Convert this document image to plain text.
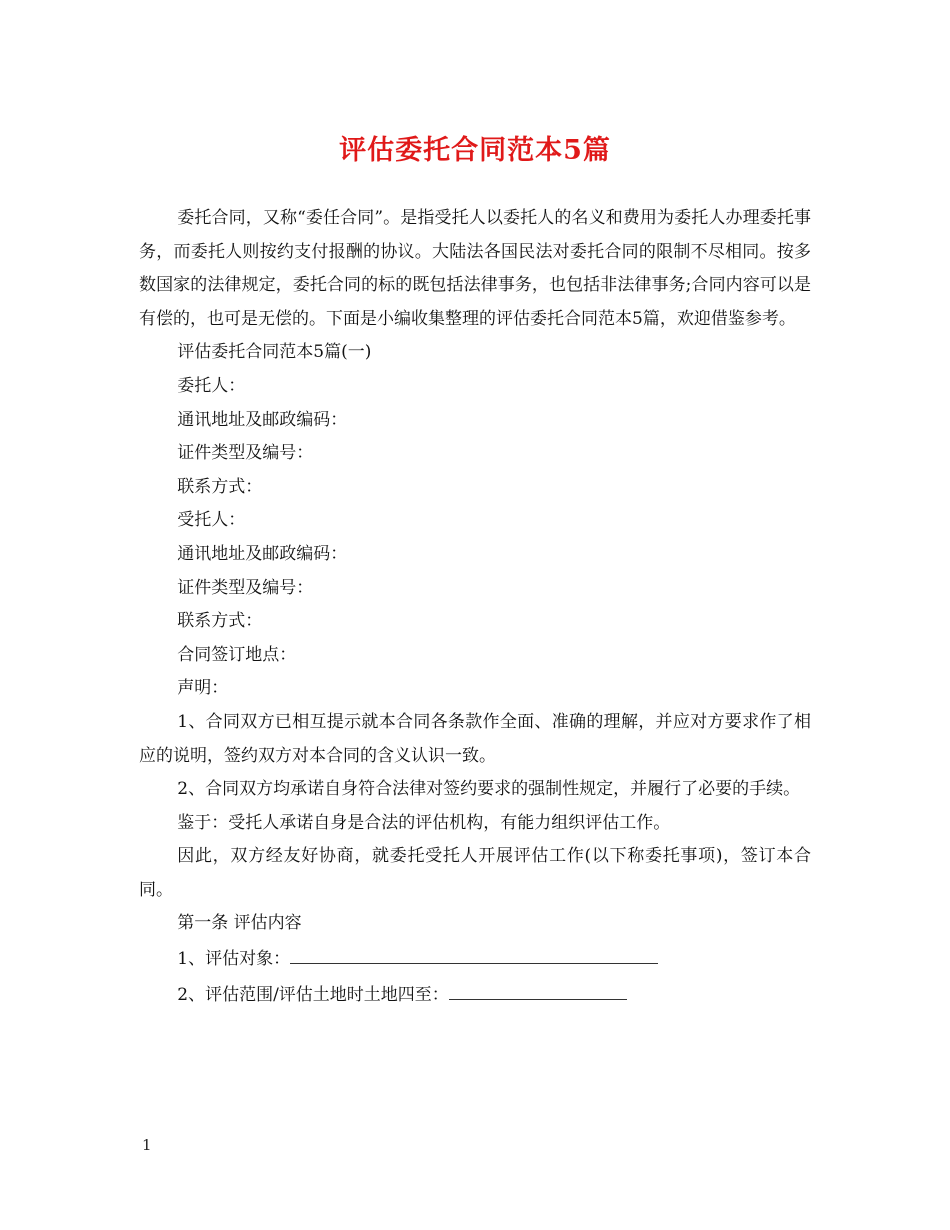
评估委托合同范本5篇

委托合同，又称“委任合同”。是指受托人以委托人的名义和费用为委托人办理委托事务，而委托人则按约支付报酬的协议。大陆法各国民法对委托合同的限制不尽相同。按多数国家的法律规定，委托合同的标的既包括法律事务，也包括非法律事务;合同内容可以是有偿的，也可是无偿的。下面是小编收集整理的评估委托合同范本5篇，欢迎借鉴参考。

评估委托合同范本5篇(一)

委托人：

通讯地址及邮政编码：

证件类型及编号：

联系方式：

受托人：

通讯地址及邮政编码：

证件类型及编号：

联系方式：

合同签订地点：

声明：

1、合同双方已相互提示就本合同各条款作全面、准确的理解，并应对方要求作了相应的说明，签约双方对本合同的含义认识一致。

2、合同双方均承诺自身符合法律对签约要求的强制性规定，并履行了必要的手续。

鉴于：受托人承诺自身是合法的评估机构，有能力组织评估工作。

因此，双方经友好协商，就委托受托人开展评估工作(以下称委托事项)，签订本合同。

第一条 评估内容

1、评估对象：

2、评估范围/评估土地时土地四至：

1
